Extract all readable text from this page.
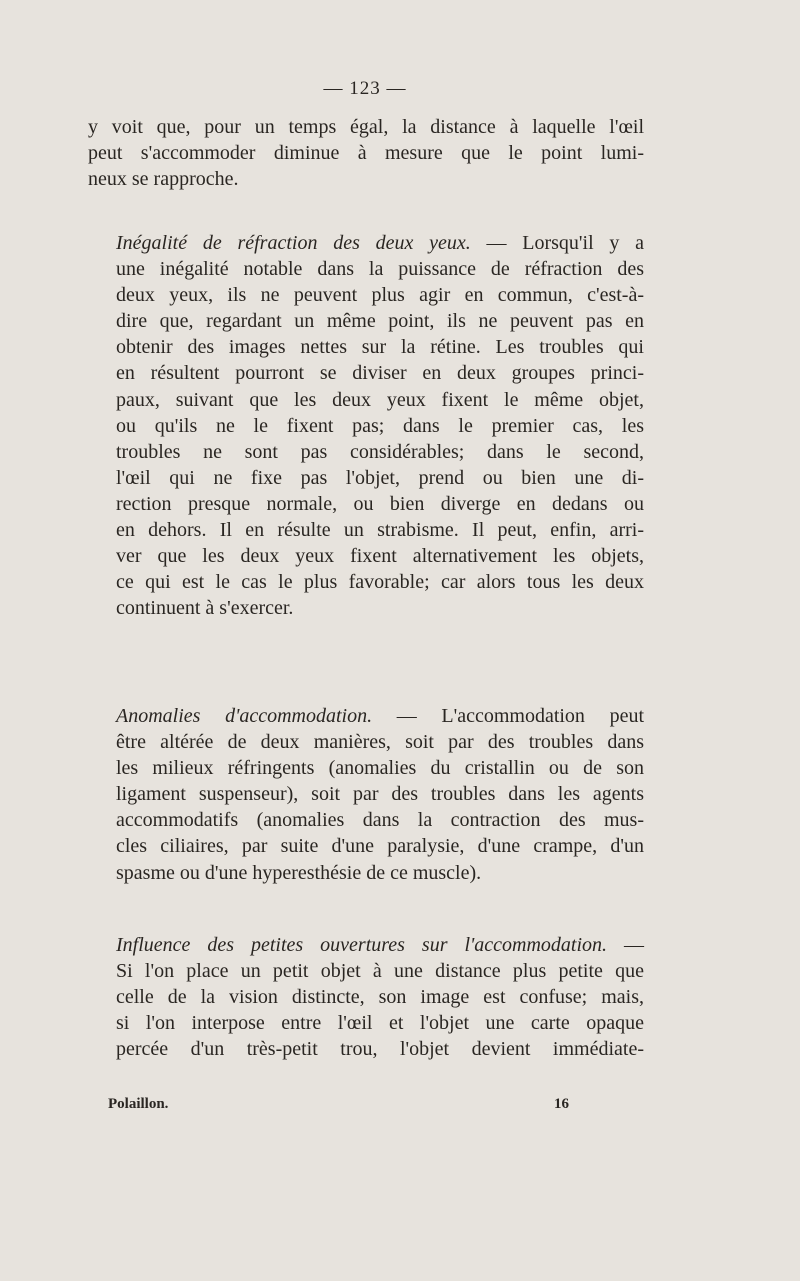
— 123 —
y voit que, pour un temps égal, la distance à laquelle l'œil
peut s'accommoder diminue à mesure que le point lumi-
neux se rapproche.
Inégalité de réfraction des deux yeux. — Lorsqu'il y a
une inégalité notable dans la puissance de réfraction des
deux yeux, ils ne peuvent plus agir en commun, c'est-à-
dire que, regardant un même point, ils ne peuvent pas en
obtenir des images nettes sur la rétine. Les troubles qui
en résultent pourront se diviser en deux groupes princi-
paux, suivant que les deux yeux fixent le même objet,
ou qu'ils ne le fixent pas; dans le premier cas, les
troubles ne sont pas considérables; dans le second,
l'œil qui ne fixe pas l'objet, prend ou bien une di-
rection presque normale, ou bien diverge en dedans ou
en dehors. Il en résulte un strabisme. Il peut, enfin, arri-
ver que les deux yeux fixent alternativement les objets,
ce qui est le cas le plus favorable; car alors tous les deux
continuent à s'exercer.
Anomalies d'accommodation. — L'accommodation peut
être altérée de deux manières, soit par des troubles dans
les milieux réfringents (anomalies du cristallin ou de son
ligament suspenseur), soit par des troubles dans les agents
accommodatifs (anomalies dans la contraction des mus-
cles ciliaires, par suite d'une paralysie, d'une crampe, d'un
spasme ou d'une hyperesthésie de ce muscle).
Influence des petites ouvertures sur l'accommodation. —
Si l'on place un petit objet à une distance plus petite que
celle de la vision distincte, son image est confuse; mais,
si l'on interpose entre l'œil et l'objet une carte opaque
percée d'un très-petit trou, l'objet devient immédiate-
Polaillon.	16
